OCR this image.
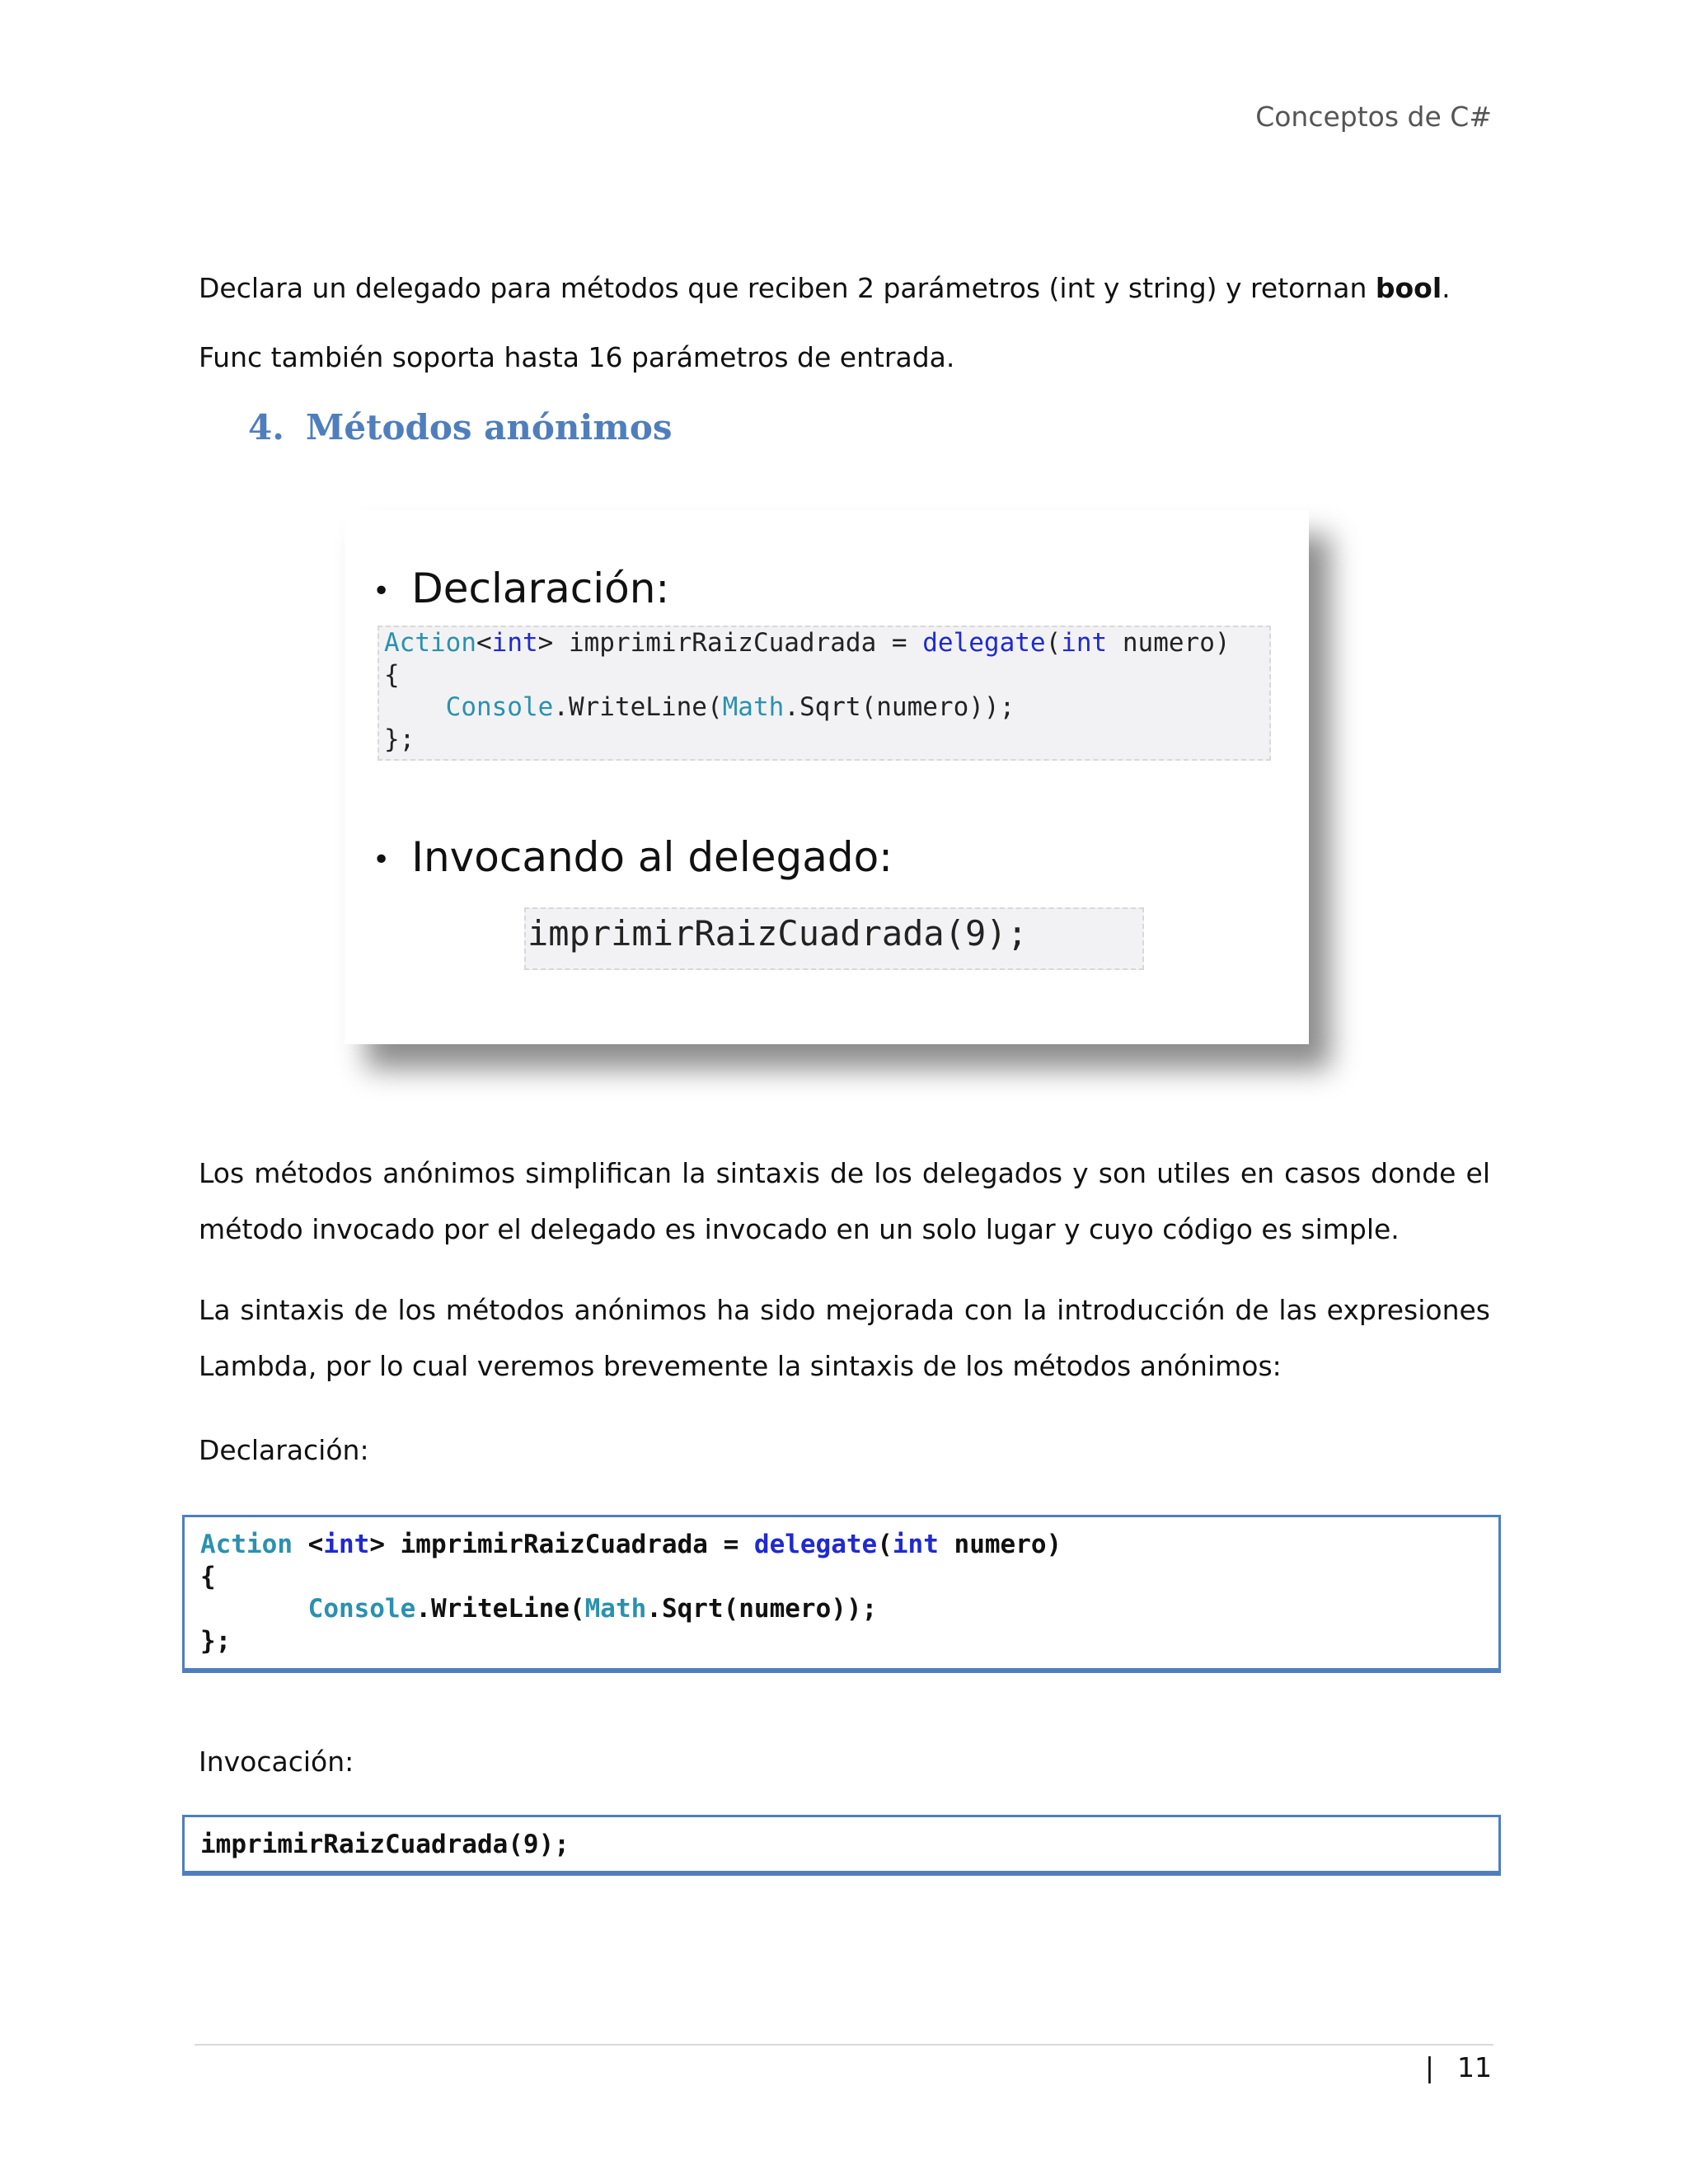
Conceptos de C#
Declara un delegado para métodos que reciben 2 parámetros (int y string) y retornan bool.
Func también soporta hasta 16 parámetros de entrada.
4. Métodos anónimos
• Declaración:
Action<int> imprimirRaizCuadrada = delegate(int numero)
{
Console.WriteLine(Math.Sqrt(numero));
};
• Invocando al delegado:
imprimirRaizCuadrada(9);
Los métodos anónimos simplifican la sintaxis de los delegados y son utiles en casos donde el método invocado por el delegado es invocado en un solo lugar y cuyo código es simple.
La sintaxis de los métodos anónimos ha sido mejorada con la introducción de las expresiones Lambda, por lo cual veremos brevemente la sintaxis de los métodos anónimos:
Declaración:
Action <int> imprimirRaizCuadrada = delegate(int numero)
{
Console.WriteLine(Math.Sqrt(numero));
};
Invocación:
imprimirRaizCuadrada(9);
| 11
